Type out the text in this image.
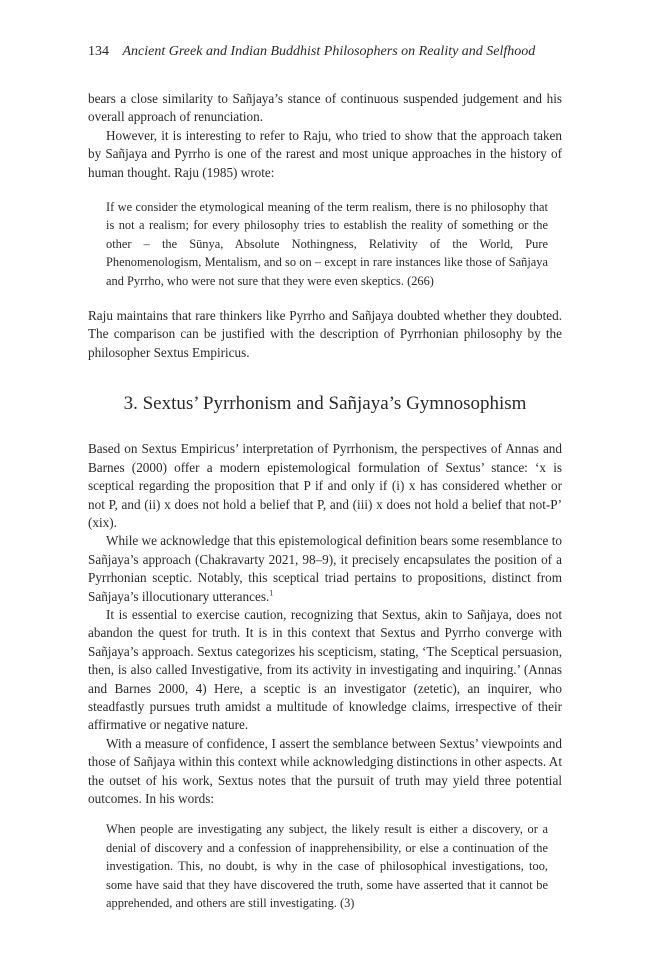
134 Ancient Greek and Indian Buddhist Philosophers on Reality and Selfhood

bears a close similarity to Sañjaya’s stance of continuous suspended judgement and his overall approach of renunciation.

However, it is interesting to refer to Raju, who tried to show that the approach taken by Sañjaya and Pyrrho is one of the rarest and most unique approaches in the history of human thought. Raju (1985) wrote:

If we consider the etymological meaning of the term realism, there is no philosophy that is not a realism; for every philosophy tries to establish the reality of something or the other – the Sūnya, Absolute Nothingness, Relativity of the World, Pure Phenomenologism, Mentalism, and so on – except in rare instances like those of Sañjaya and Pyrrho, who were not sure that they were even skeptics. (266)

Raju maintains that rare thinkers like Pyrrho and Sañjaya doubted whether they doubted. The comparison can be justified with the description of Pyrrhonian philosophy by the philosopher Sextus Empiricus.

3. Sextus’ Pyrrhonism and Sañjaya’s Gymnosophism

Based on Sextus Empiricus’ interpretation of Pyrrhonism, the perspectives of Annas and Barnes (2000) offer a modern epistemological formulation of Sextus’ stance: ‘x is sceptical regarding the proposition that P if and only if (i) x has considered whether or not P, and (ii) x does not hold a belief that P, and (iii) x does not hold a belief that not-P’ (xix).

While we acknowledge that this epistemological definition bears some resemblance to Sañjaya’s approach (Chakravarty 2021, 98–9), it precisely encapsulates the position of a Pyrrhonian sceptic. Notably, this sceptical triad pertains to propositions, distinct from Sañjaya’s illocutionary utterances.$^1$

It is essential to exercise caution, recognizing that Sextus, akin to Sañjaya, does not abandon the quest for truth. It is in this context that Sextus and Pyrrho converge with Sañjaya’s approach. Sextus categorizes his scepticism, stating, ‘The Sceptical persuasion, then, is also called Investigative, from its activity in investigating and inquiring.’ (Annas and Barnes 2000, 4) Here, a sceptic is an investigator (zetetic), an inquirer, who steadfastly pursues truth amidst a multitude of knowledge claims, irrespective of their affirmative or negative nature.

With a measure of confidence, I assert the semblance between Sextus’ viewpoints and those of Sañjaya within this context while acknowledging distinctions in other aspects. At the outset of his work, Sextus notes that the pursuit of truth may yield three potential outcomes. In his words:

When people are investigating any subject, the likely result is either a discovery, or a denial of discovery and a confession of inapprehensibility, or else a continuation of the investigation. This, no doubt, is why in the case of philosophical investigations, too, some have said that they have discovered the truth, some have asserted that it cannot be apprehended, and others are still investigating. (3)
